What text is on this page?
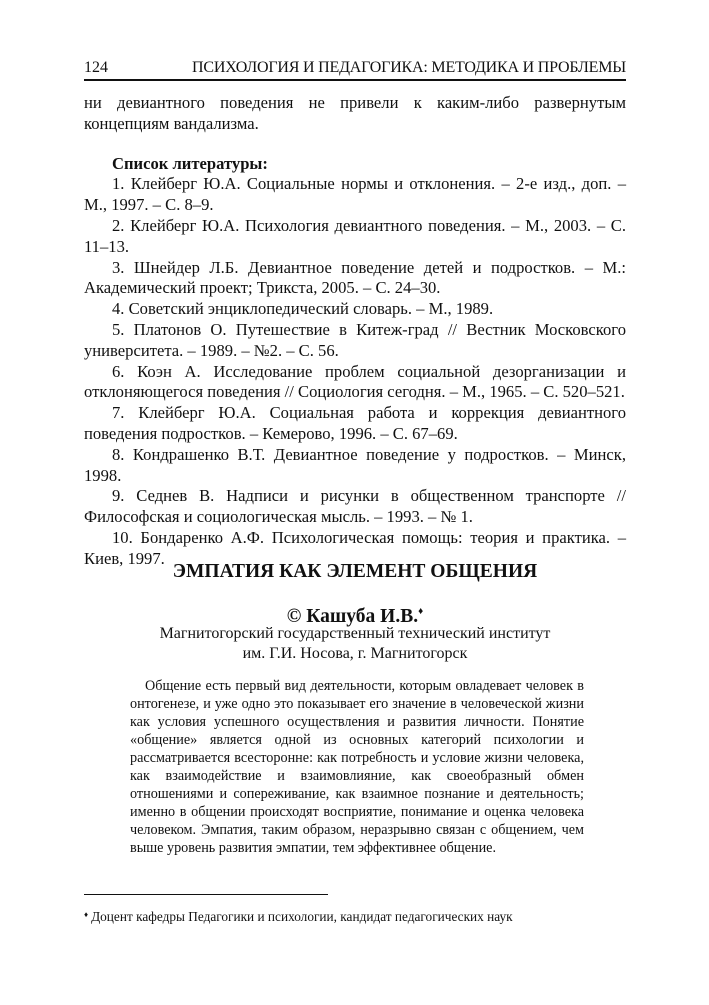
124	ПСИХОЛОГИЯ И ПЕДАГОГИКА: МЕТОДИКА И ПРОБЛЕМЫ

ни девиантного поведения не привели к каким-либо развернутым концепциям вандализма.

Список литературы:

1. Клейберг Ю.А. Социальные нормы и отклонения. – 2-е изд., доп. – М., 1997. – С. 8–9.

2. Клейберг Ю.А. Психология девиантного поведения. – М., 2003. – С. 11–13.

3. Шнейдер Л.Б. Девиантное поведение детей и подростков. – М.: Академический проект; Трикста, 2005. – С. 24–30.

4. Советский энциклопедический словарь. – М., 1989.

5. Платонов О. Путешествие в Китеж-град // Вестник Московского университета. – 1989. – №2. – С. 56.

6. Коэн А. Исследование проблем социальной дезорганизации и отклоняющегося поведения // Социология сегодня. – М., 1965. – С. 520–521.

7. Клейберг Ю.А. Социальная работа и коррекция девиантного поведения подростков. – Кемерово, 1996. – С. 67–69.

8. Кондрашенко В.Т. Девиантное поведение у подростков. – Минск, 1998.

9. Седнев В. Надписи и рисунки в общественном транспорте // Философская и социологическая мысль. – 1993. – № 1.

10. Бондаренко А.Ф. Психологическая помощь: теория и практика. – Киев, 1997.

ЭМПАТИЯ КАК ЭЛЕМЕНТ ОБЩЕНИЯ
© Кашуба И.В.♦
Магнитогорский государственный технический институт
им. Г.И. Носова, г. Магнитогорск

Общение есть первый вид деятельности, которым овладевает человек в онтогенезе, и уже одно это показывает его значение в человеческой жизни как условия успешного осуществления и развития личности. Понятие «общение» является одной из основных категорий психологии и рассматривается всесторонне: как потребность и условие жизни человека, как взаимодействие и взаимовлияние, как своеобразный обмен отношениями и сопереживание, как взаимное познание и деятельность; именно в общении происходят восприятие, понимание и оценка человека человеком. Эмпатия, таким образом, неразрывно связан с общением, чем выше уровень развития эмпатии, тем эффективнее общение.

♦ Доцент кафедры Педагогики и психологии, кандидат педагогических наук
